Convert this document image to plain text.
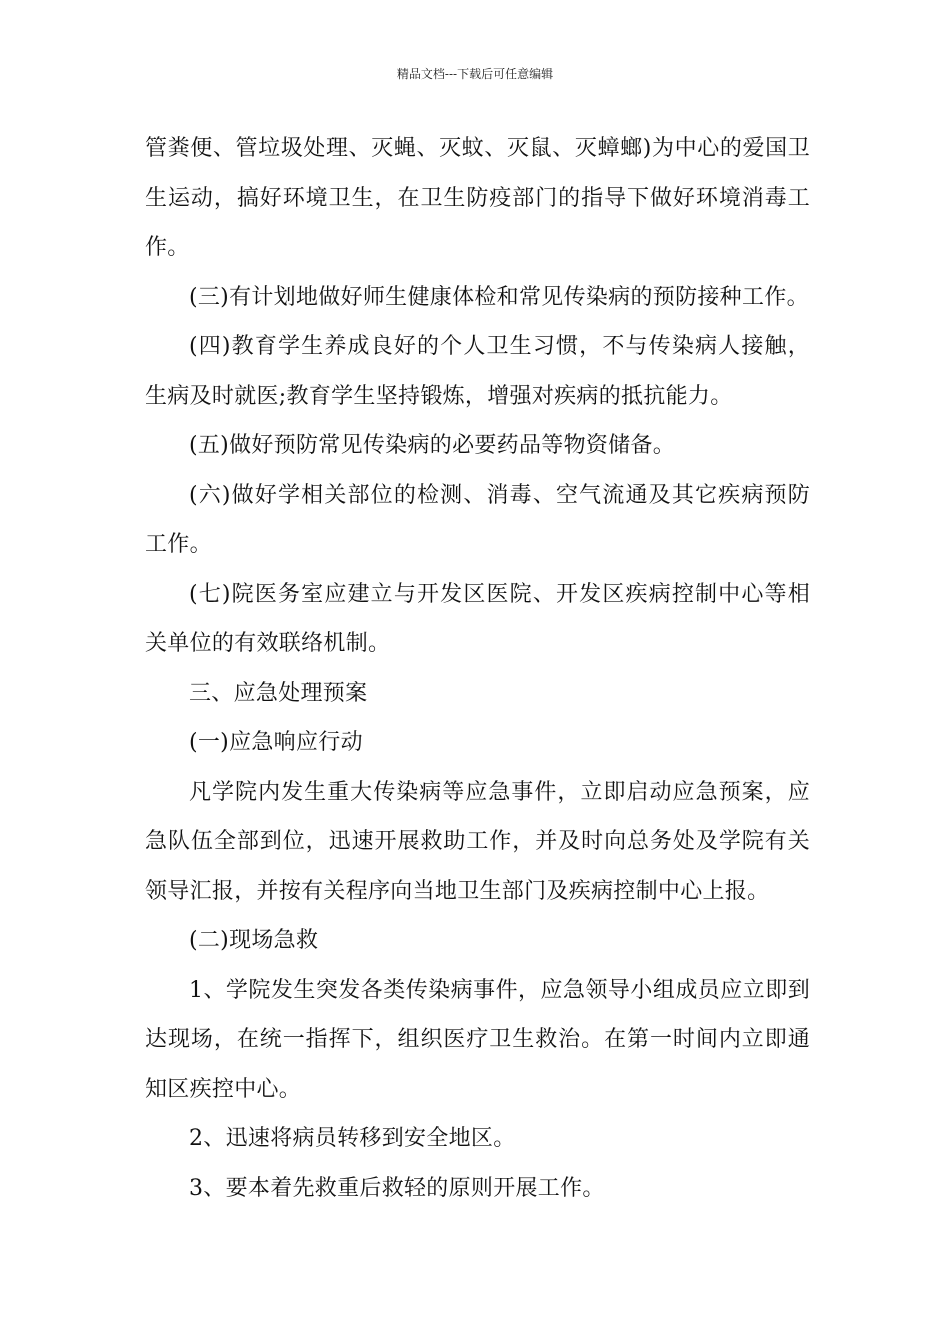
精品文档---下载后可任意编辑
管粪便、管垃圾处理、灭蝇、灭蚊、灭鼠、灭蟑螂)为中心的爱国卫
生运动，搞好环境卫生，在卫生防疫部门的指导下做好环境消毒工
作。
(三)有计划地做好师生健康体检和常见传染病的预防接种工作。
(四)教育学生养成良好的个人卫生习惯，不与传染病人接触，
生病及时就医;教育学生坚持锻炼，增强对疾病的抵抗能力。
(五)做好预防常见传染病的必要药品等物资储备。
(六)做好学相关部位的检测、消毒、空气流通及其它疾病预防
工作。
(七)院医务室应建立与开发区医院、开发区疾病控制中心等相
关单位的有效联络机制。
三、应急处理预案
(一)应急响应行动
凡学院内发生重大传染病等应急事件，立即启动应急预案，应
急队伍全部到位，迅速开展救助工作，并及时向总务处及学院有关
领导汇报，并按有关程序向当地卫生部门及疾病控制中心上报。
(二)现场急救
1、学院发生突发各类传染病事件，应急领导小组成员应立即到
达现场，在统一指挥下，组织医疗卫生救治。在第一时间内立即通
知区疾控中心。
2、迅速将病员转移到安全地区。
3、要本着先救重后救轻的原则开展工作。
